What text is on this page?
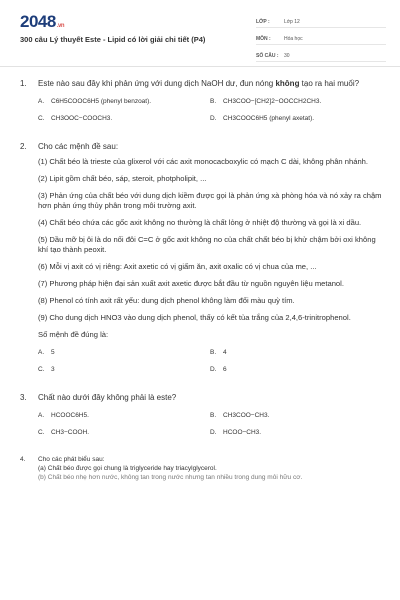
2048.vn
300 câu Lý thuyết Este - Lipid có lời giải chi tiết (P4)
LỚP :	Lớp 12
MÔN :	Hóa học
SỐ CÂU :	30
1.	Este nào sau đây khi phản ứng với dung dịch NaOH dư, đun nóng không tạo ra hai muối?
A.	C6H5COOC6H5 (phenyl benzoat).	B.	CH3COO−[CH2]2−OOCCH2CH3.
C.	CH3OOC−COOCH3.	D.	CH3COOC6H5 (phenyl axetat).
2.	Cho các mệnh đề sau:
(1) Chất béo là trieste của glixerol với các axit monocacboxylic có mạch C dài, không phân nhánh.
(2) Lipit gồm chất béo, sáp, steroit, photpholipit, ...
(3) Phản ứng của chất béo với dung dịch kiềm được gọi là phản ứng xà phòng hóa và nó xảy ra chậm hơn phản ứng thủy phân trong môi trường axit.
(4) Chất béo chứa các gốc axit không no thường là chất lỏng ở nhiệt độ thường và gọi là xi dầu.
(5) Dầu mỡ bị ôi là do nối đôi C=C ở gốc axit không no của chất chất béo bị khử chậm bởi oxi không khí tạo thành peoxit.
(6) Mỗi vị axit có vị riêng: Axit axetic có vị giấm ăn, axit oxalic có vị chua của me, ...
(7) Phương pháp hiện đại sản xuất axit axetic được bắt đầu từ nguồn nguyên liệu metanol.
(8) Phenol có tính axit rất yếu: dung dịch phenol không làm đổi màu quỳ tím.
(9) Cho dung dịch HNO3 vào dung dịch phenol, thấy có kết tủa trắng của 2,4,6-trinitrophenol.
Số mệnh đề đúng là:
A.	5	B.	4
C.	3	D.	6
3.	Chất nào dưới đây không phải là este?
A.	HCOOC6H5.	B.	CH3COO−CH3.
C.	CH3−COOH.	D.	HCOO−CH3.
4.	Cho các phát biểu sau:
(a) Chất béo được gọi chung là triglyceride hay triacylglycerol.
(b) Chất béo nhẹ hơn nước, không tan trong nước nhưng tan nhiều trong dung môi hữu cơ.
